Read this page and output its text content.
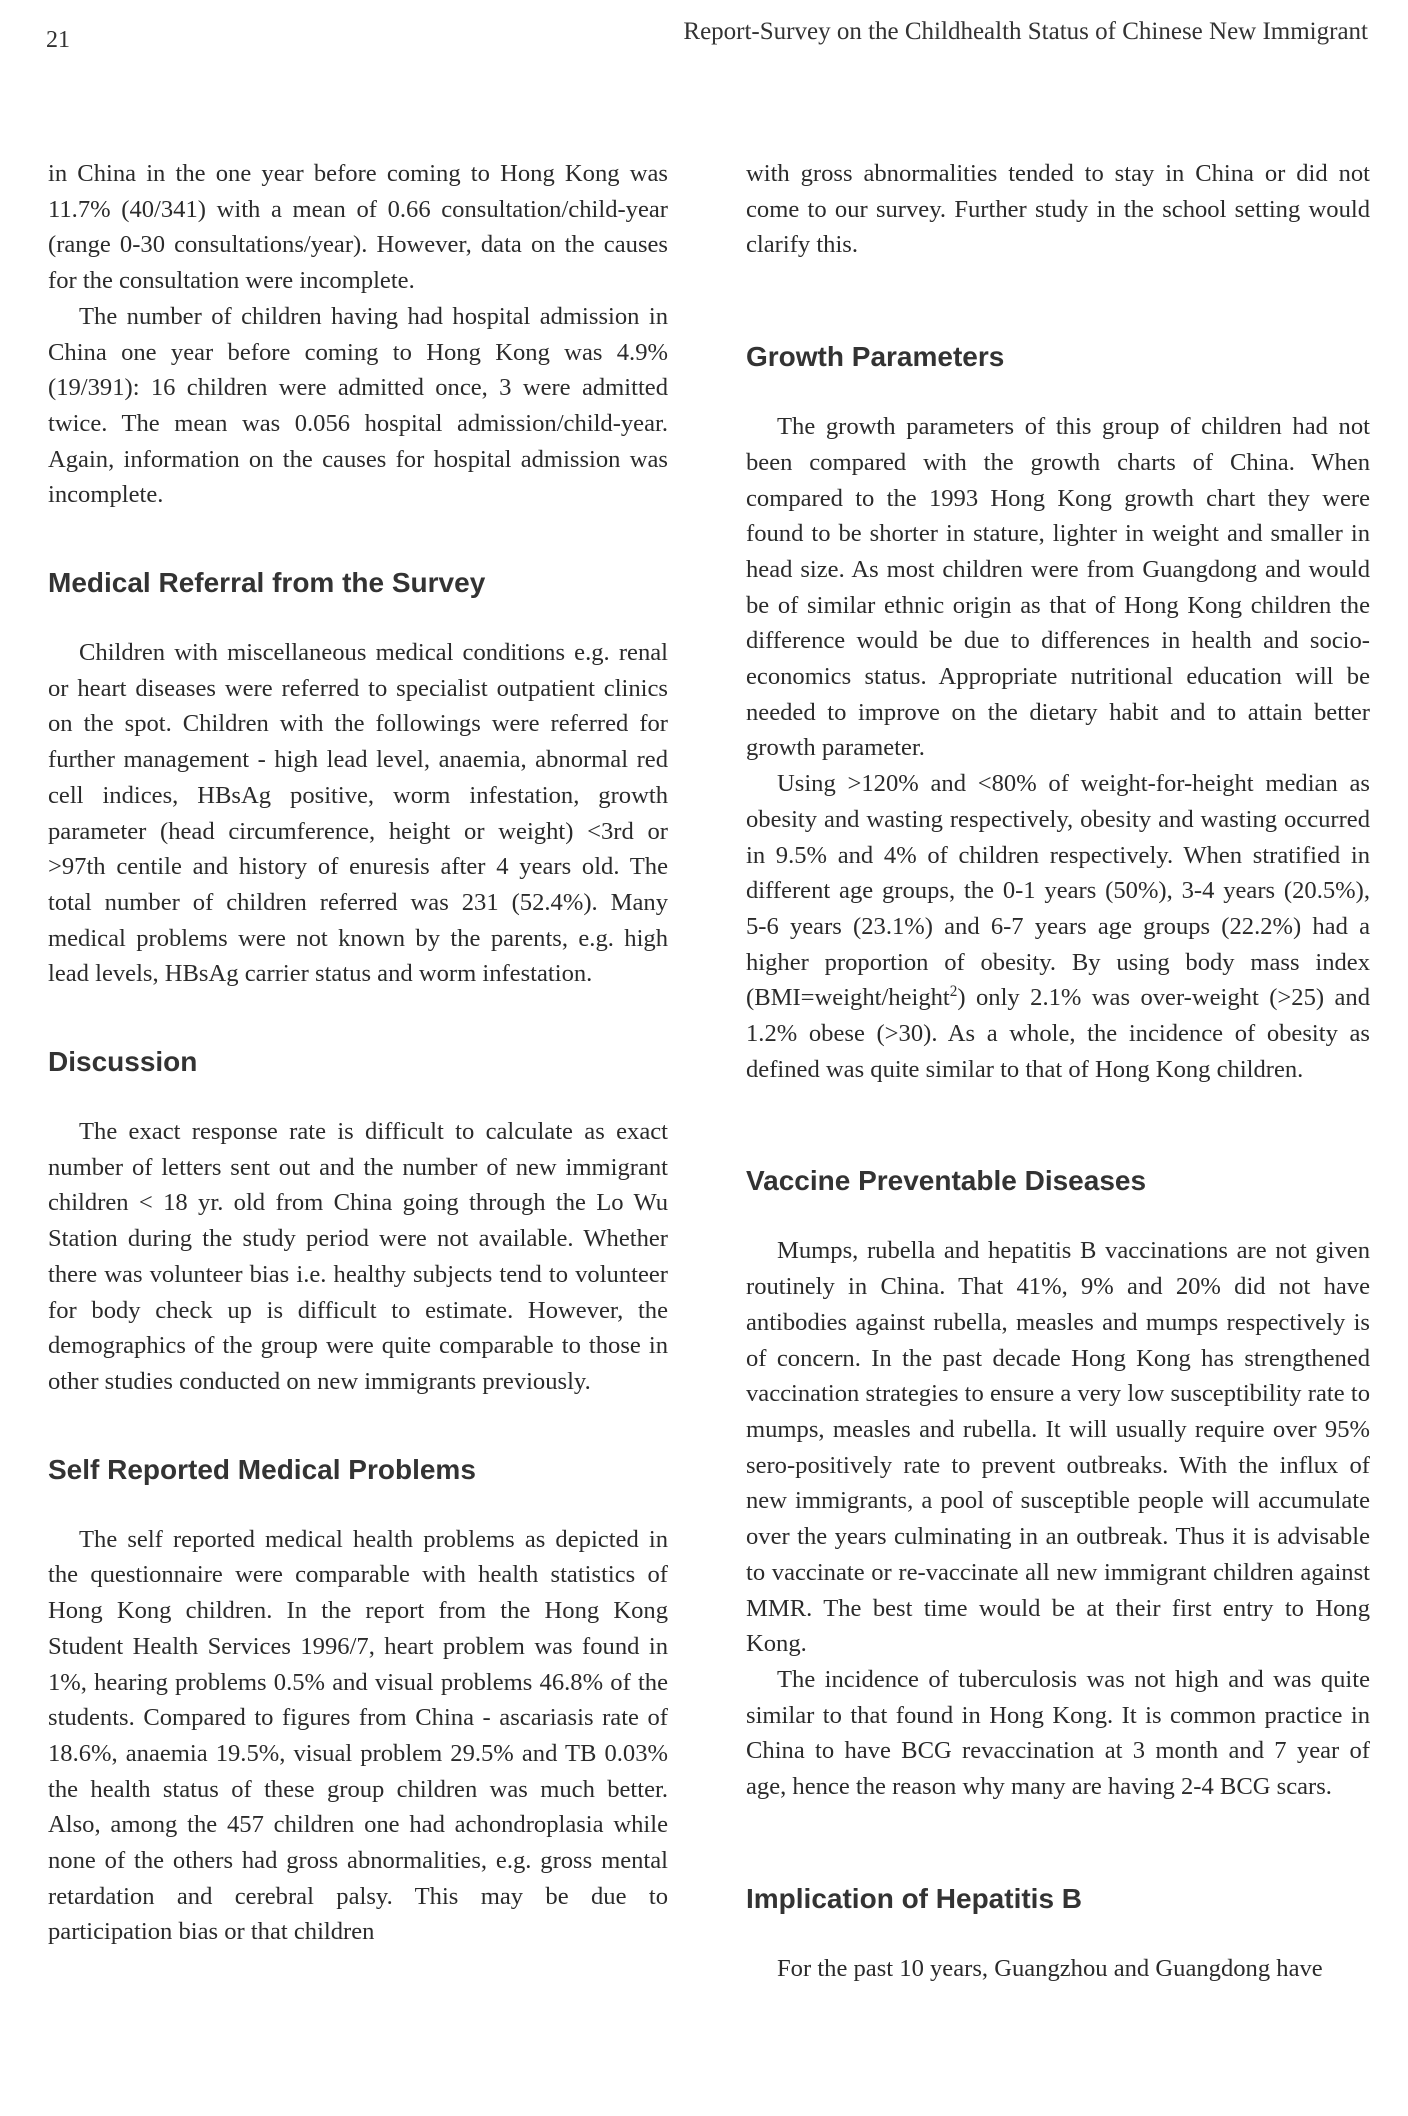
21	Report-Survey on the Childhealth Status of Chinese New Immigrant

in China in the one year before coming to Hong Kong was 11.7% (40/341) with a mean of 0.66 consultation/child-year (range 0-30 consultations/year). However, data on the causes for the consultation were incomplete.

The number of children having had hospital admission in China one year before coming to Hong Kong was 4.9% (19/391): 16 children were admitted once, 3 were admitted twice. The mean was 0.056 hospital admission/child-year. Again, information on the causes for hospital admission was incomplete.

Medical Referral from the Survey

Children with miscellaneous medical conditions e.g. renal or heart diseases were referred to specialist outpatient clinics on the spot. Children with the followings were referred for further management - high lead level, anaemia, abnormal red cell indices, HBsAg positive, worm infestation, growth parameter (head circumference, height or weight) <3rd or >97th centile and history of enuresis after 4 years old. The total number of children referred was 231 (52.4%). Many medical problems were not known by the parents, e.g. high lead levels, HBsAg carrier status and worm infestation.

Discussion

The exact response rate is difficult to calculate as exact number of letters sent out and the number of new immigrant children < 18 yr. old from China going through the Lo Wu Station during the study period were not available. Whether there was volunteer bias i.e. healthy subjects tend to volunteer for body check up is difficult to estimate. However, the demographics of the group were quite comparable to those in other studies conducted on new immigrants previously.

Self Reported Medical Problems

The self reported medical health problems as depicted in the questionnaire were comparable with health statistics of Hong Kong children. In the report from the Hong Kong Student Health Services 1996/7, heart problem was found in 1%, hearing problems 0.5% and visual problems 46.8% of the students. Compared to figures from China - ascariasis rate of 18.6%, anaemia 19.5%, visual problem 29.5% and TB 0.03% the health status of these group children was much better. Also, among the 457 children one had achondroplasia while none of the others had gross abnormalities, e.g. gross mental retardation and cerebral palsy. This may be due to participation bias or that children

with gross abnormalities tended to stay in China or did not come to our survey. Further study in the school setting would clarify this.

Growth Parameters

The growth parameters of this group of children had not been compared with the growth charts of China. When compared to the 1993 Hong Kong growth chart they were found to be shorter in stature, lighter in weight and smaller in head size. As most children were from Guangdong and would be of similar ethnic origin as that of Hong Kong children the difference would be due to differences in health and socio-economics status. Appropriate nutritional education will be needed to improve on the dietary habit and to attain better growth parameter.

Using >120% and <80% of weight-for-height median as obesity and wasting respectively, obesity and wasting occurred in 9.5% and 4% of children respectively. When stratified in different age groups, the 0-1 years (50%), 3-4 years (20.5%), 5-6 years (23.1%) and 6-7 years age groups (22.2%) had a higher proportion of obesity. By using body mass index (BMI=weight/height$^2$) only 2.1% was over-weight (>25) and 1.2% obese (>30). As a whole, the incidence of obesity as defined was quite similar to that of Hong Kong children.

Vaccine Preventable Diseases

Mumps, rubella and hepatitis B vaccinations are not given routinely in China. That 41%, 9% and 20% did not have antibodies against rubella, measles and mumps respectively is of concern. In the past decade Hong Kong has strengthened vaccination strategies to ensure a very low susceptibility rate to mumps, measles and rubella. It will usually require over 95% sero-positively rate to prevent outbreaks. With the influx of new immigrants, a pool of susceptible people will accumulate over the years culminating in an outbreak. Thus it is advisable to vaccinate or re-vaccinate all new immigrant children against MMR. The best time would be at their first entry to Hong Kong.

The incidence of tuberculosis was not high and was quite similar to that found in Hong Kong. It is common practice in China to have BCG revaccination at 3 month and 7 year of age, hence the reason why many are having 2-4 BCG scars.

Implication of Hepatitis B

For the past 10 years, Guangzhou and Guangdong have
